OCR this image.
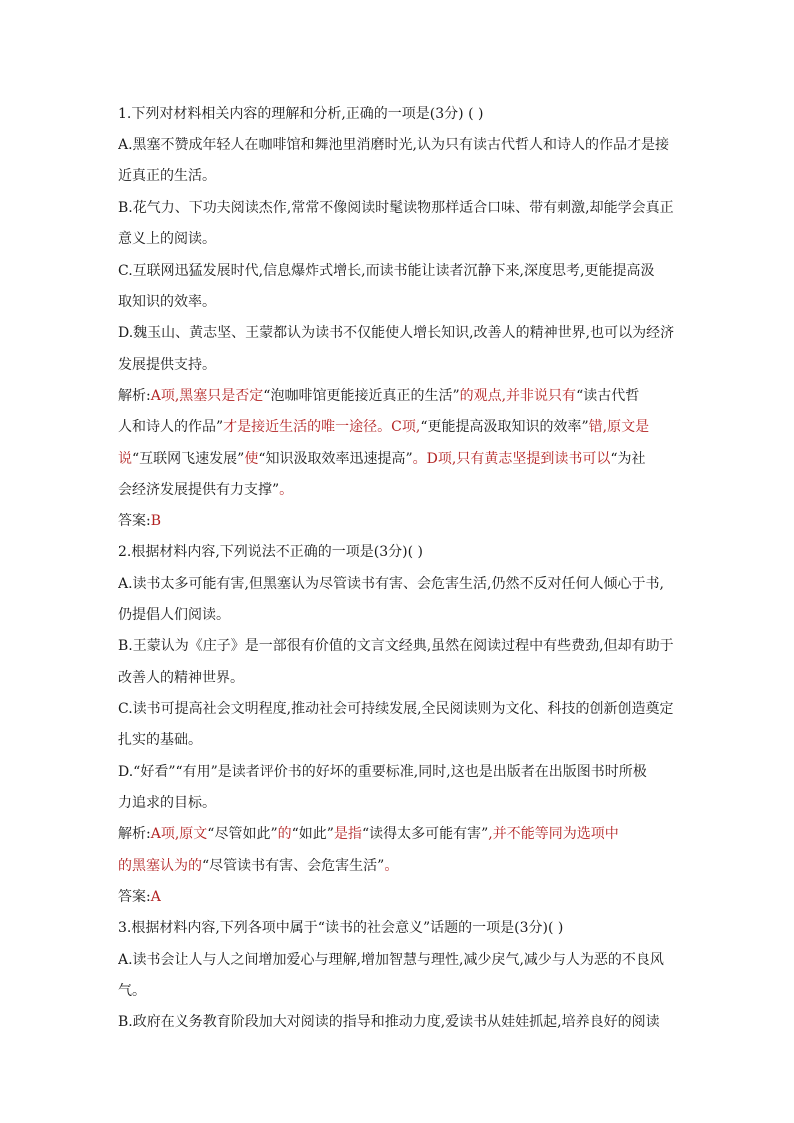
1.下列对材料相关内容的理解和分析,正确的一项是(3分) ( )
A.黑塞不赞成年轻人在咖啡馆和舞池里消磨时光,认为只有读古代哲人和诗人的作品才是接
近真正的生活。
B.花气力、下功夫阅读杰作,常常不像阅读时髦读物那样适合口味、带有刺激,却能学会真正
意义上的阅读。
C.互联网迅猛发展时代,信息爆炸式增长,而读书能让读者沉静下来,深度思考,更能提高汲
取知识的效率。
D.魏玉山、黄志坚、王蒙都认为读书不仅能使人增长知识,改善人的精神世界,也可以为经济
发展提供支持。
解析:A项,黑塞只是否定“泡咖啡馆更能接近真正的生活”的观点,并非说只有“读古代哲
人和诗人的作品”才是接近生活的唯一途径。C项,“更能提高汲取知识的效率”错,原文是
说“互联网飞速发展”使“知识汲取效率迅速提高”。D项,只有黄志坚提到读书可以“为社
会经济发展提供有力支撑”。
答案:B
2.根据材料内容,下列说法不正确的一项是(3分)( )
A.读书太多可能有害,但黑塞认为尽管读书有害、会危害生活,仍然不反对任何人倾心于书,
仍提倡人们阅读。
B.王蒙认为《庄子》是一部很有价值的文言文经典,虽然在阅读过程中有些费劲,但却有助于
改善人的精神世界。
C.读书可提高社会文明程度,推动社会可持续发展,全民阅读则为文化、科技的创新创造奠定
扎实的基础。
D.“好看”“有用”是读者评价书的好坏的重要标准,同时,这也是出版者在出版图书时所极
力追求的目标。
解析:A项,原文“尽管如此”的“如此”是指“读得太多可能有害”,并不能等同为选项中
的黑塞认为的“尽管读书有害、会危害生活”。
答案:A
3.根据材料内容,下列各项中属于“读书的社会意义”话题的一项是(3分)( )
A.读书会让人与人之间增加爱心与理解,增加智慧与理性,减少戾气,减少与人为恶的不良风
气。
B.政府在义务教育阶段加大对阅读的指导和推动力度,爱读书从娃娃抓起,培养良好的阅读
